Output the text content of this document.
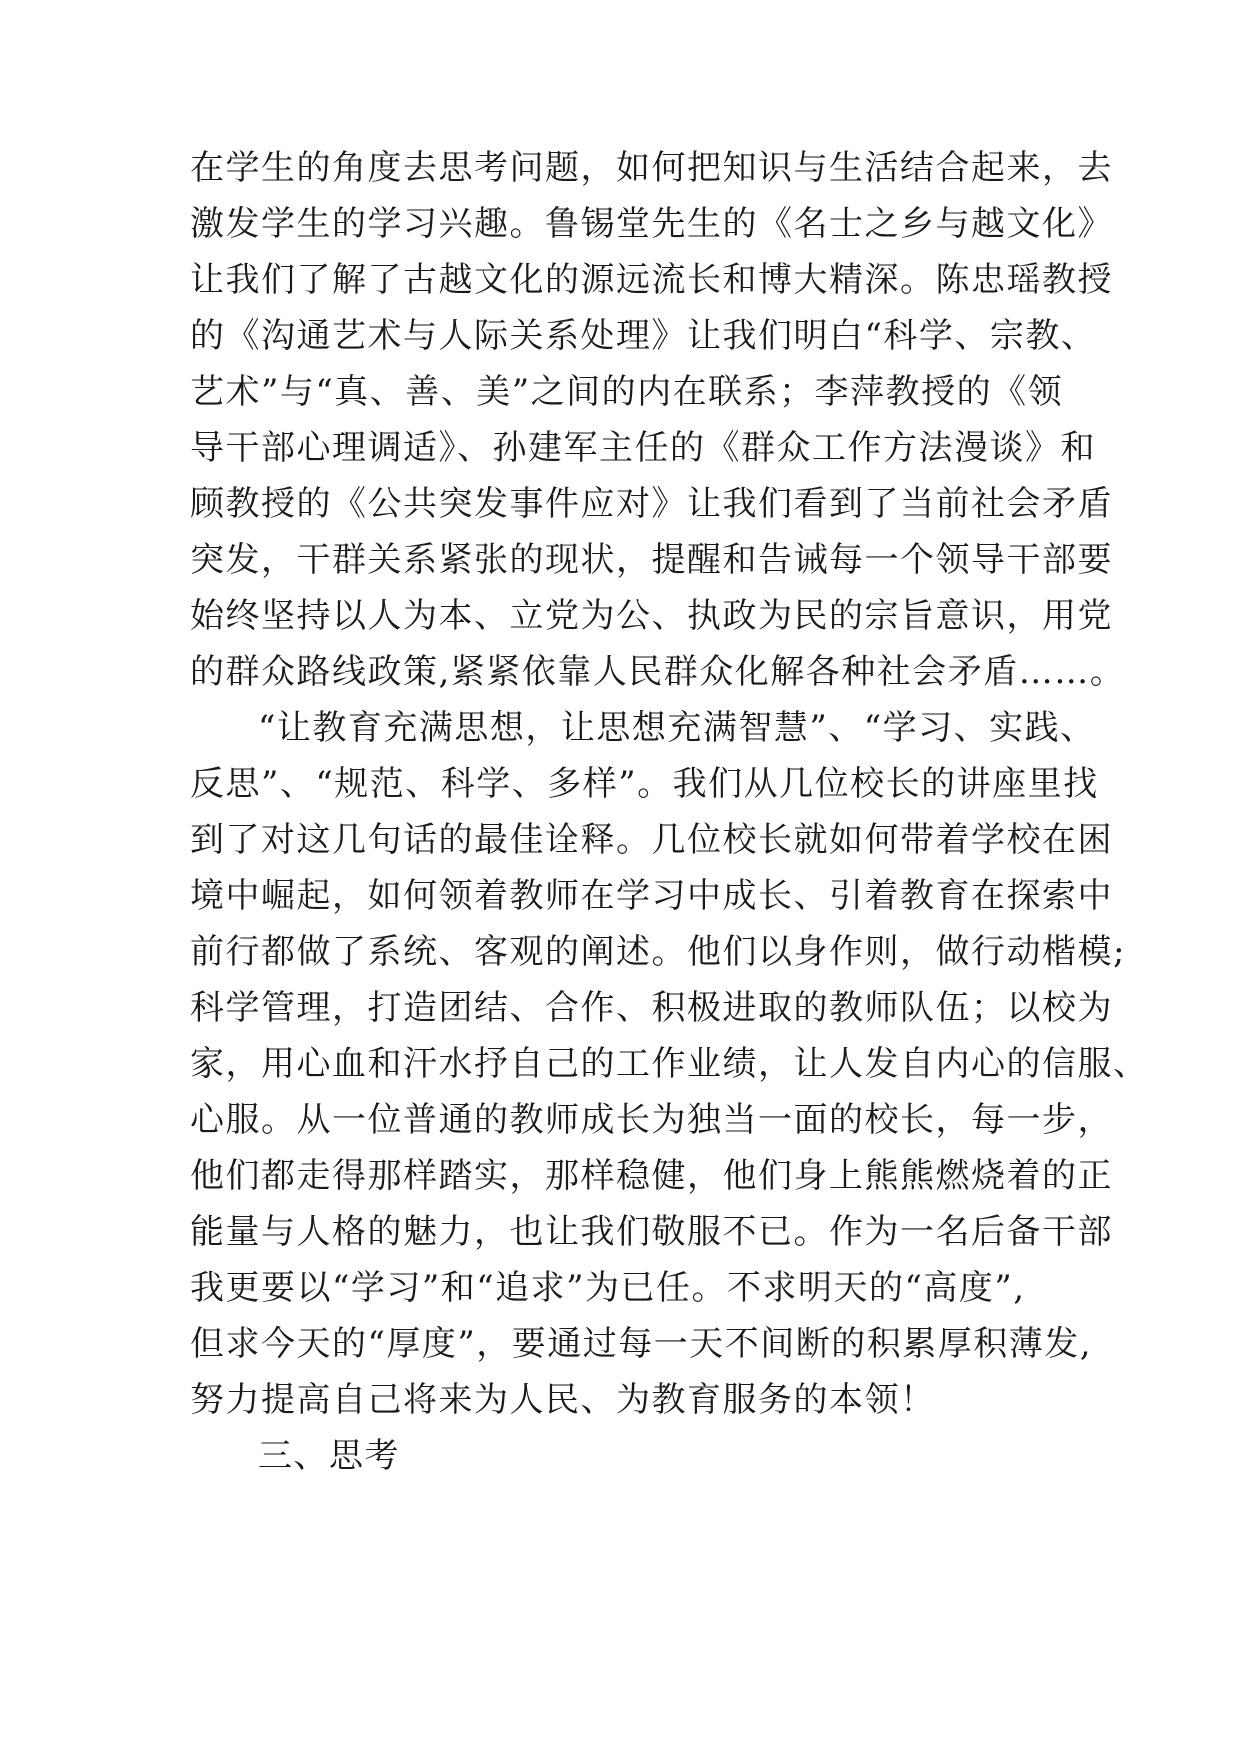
在学生的角度去思考问题，如何把知识与生活结合起来，去
激发学生的学习兴趣。鲁锡堂先生的《名士之乡与越文化》
让我们了解了古越文化的源远流长和博大精深。陈忠瑶教授
的《沟通艺术与人际关系处理》让我们明白“科学、宗教、
艺术”与“真、善、美”之间的内在联系；李萍教授的《领
导干部心理调适》、孙建军主任的《群众工作方法漫谈》和
顾教授的《公共突发事件应对》让我们看到了当前社会矛盾
突发，干群关系紧张的现状，提醒和告诫每一个领导干部要
始终坚持以人为本、立党为公、执政为民的宗旨意识，用党
的群众路线政策,紧紧依靠人民群众化解各种社会矛盾……。
“让教育充满思想，让思想充满智慧”、“学习、实践、
反思”、“规范、科学、多样”。我们从几位校长的讲座里找
到了对这几句话的最佳诠释。几位校长就如何带着学校在困
境中崛起，如何领着教师在学习中成长、引着教育在探索中
前行都做了系统、客观的阐述。他们以身作则，做行动楷模;
科学管理，打造团结、合作、积极进取的教师队伍；以校为
家，用心血和汗水抒自己的工作业绩，让人发自内心的信服、
心服。从一位普通的教师成长为独当一面的校长，每一步，
他们都走得那样踏实，那样稳健，他们身上熊熊燃烧着的正
能量与人格的魅力，也让我们敬服不已。作为一名后备干部
我更要以“学习”和“追求”为已任。不求明天的“高度”,
但求今天的“厚度”，要通过每一天不间断的积累厚积薄发,
努力提高自己将来为人民、为教育服务的本领！
三、思考
